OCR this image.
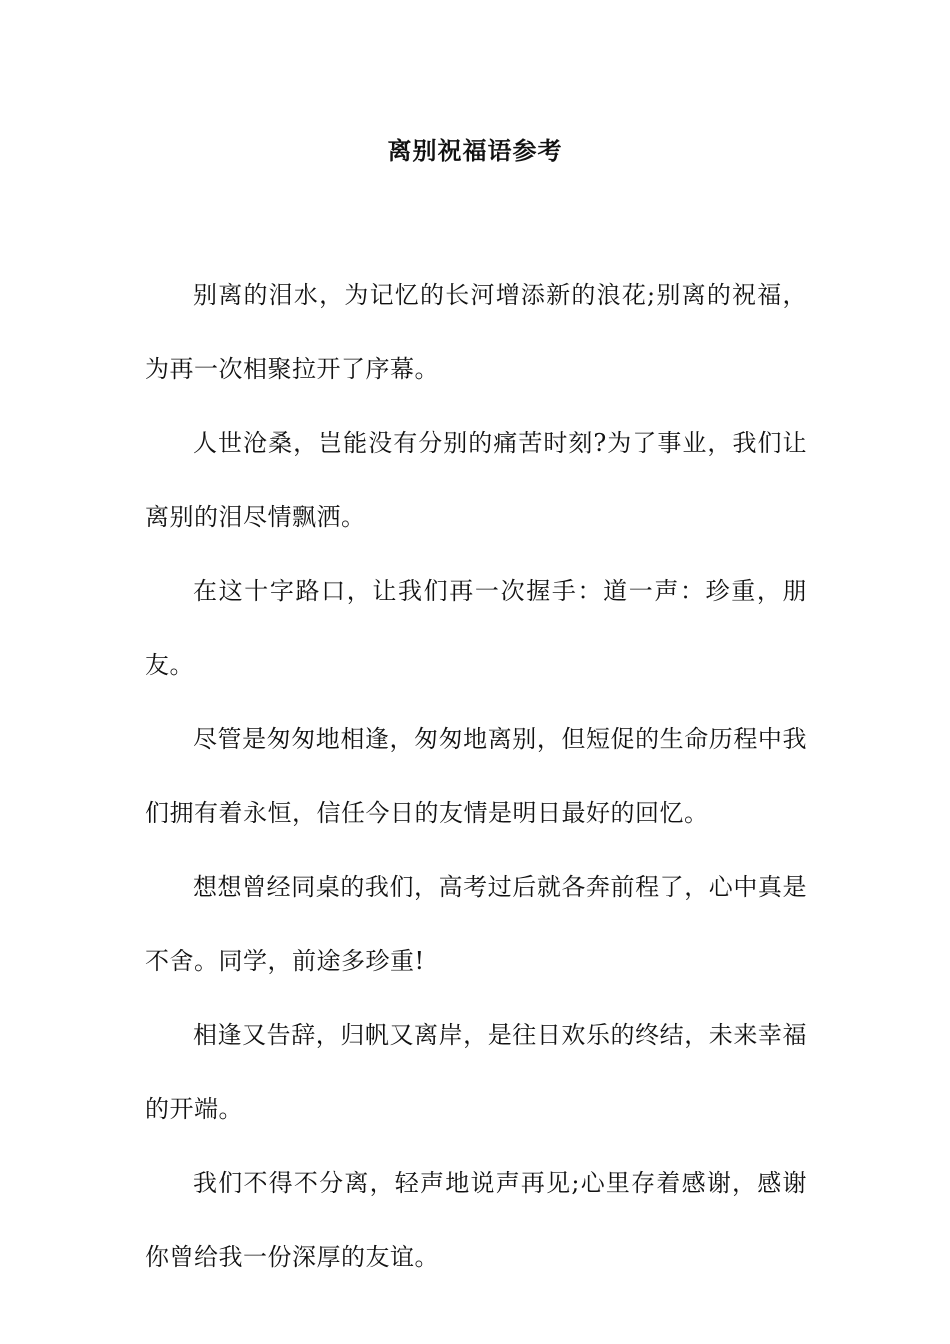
离别祝福语参考

别离的泪水，为记忆的长河增添新的浪花;别离的祝福，为再一次相聚拉开了序幕。

人世沧桑，岂能没有分别的痛苦时刻?为了事业，我们让离别的泪尽情飘洒。

在这十字路口，让我们再一次握手：道一声：珍重，朋友。

尽管是匆匆地相逢，匆匆地离别，但短促的生命历程中我们拥有着永恒，信任今日的友情是明日最好的回忆。

想想曾经同桌的我们，高考过后就各奔前程了，心中真是不舍。同学，前途多珍重!

相逢又告辞，归帆又离岸，是往日欢乐的终结，未来幸福的开端。

我们不得不分离，轻声地说声再见;心里存着感谢，感谢你曾给我一份深厚的友谊。
